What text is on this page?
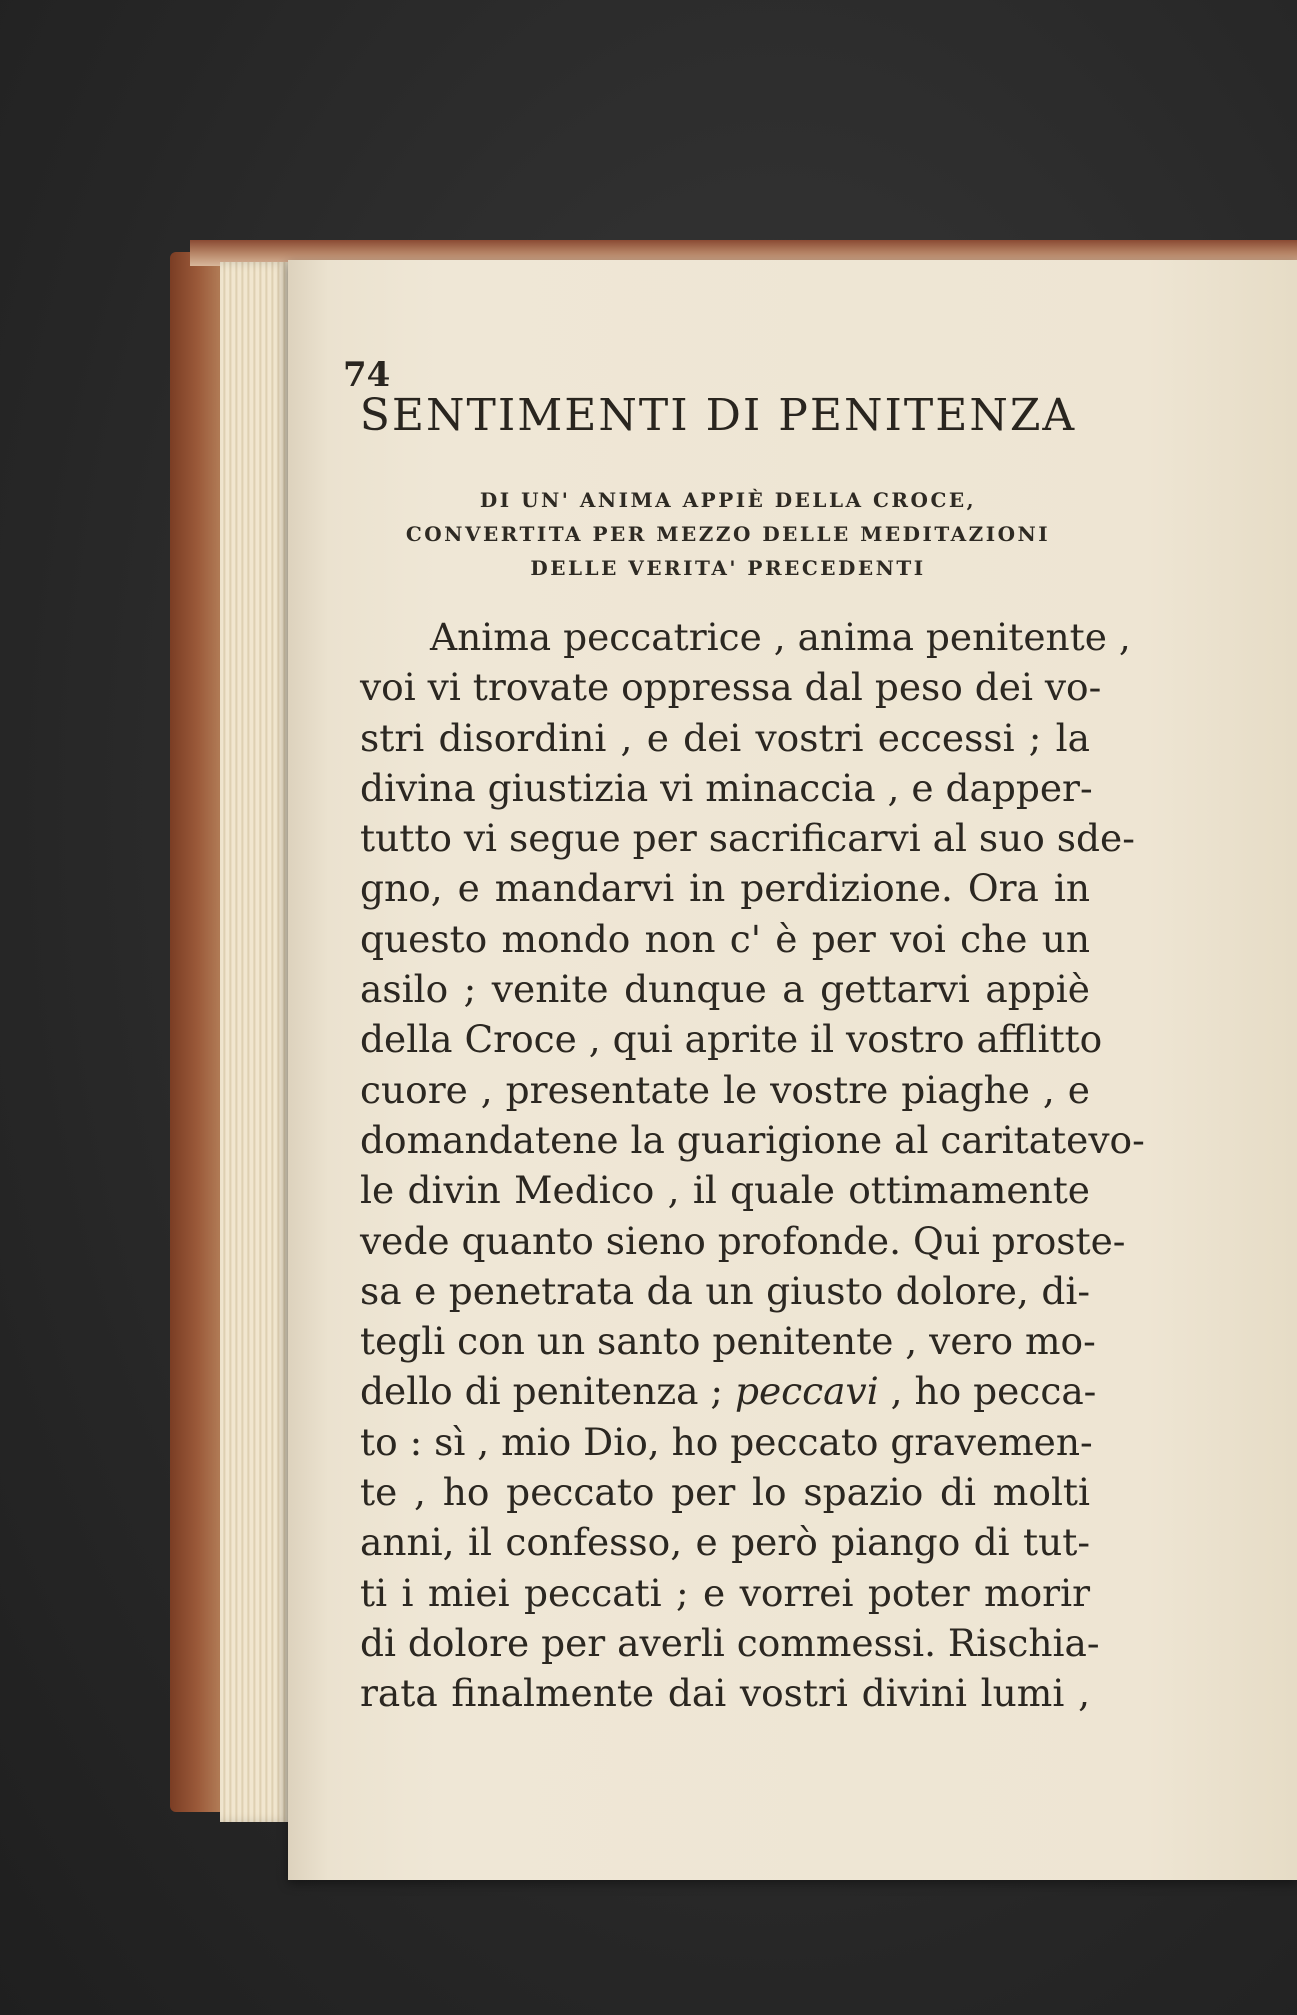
74
SENTIMENTI DI PENITENZA
DI UN' ANIMA APPIÈ DELLA CROCE,
CONVERTITA PER MEZZO DELLE MEDITAZIONI
DELLE VERITA' PRECEDENTI
Anima peccatrice , anima penitente ,
voi vi trovate oppressa dal peso dei vo-
stri disordini , e dei vostri eccessi ; la
divina giustizia vi minaccia , e dapper-
tutto vi segue per sacrificarvi al suo sde-
gno, e mandarvi in perdizione. Ora in
questo mondo non c' è per voi che un
asilo ; venite dunque a gettarvi appiè
della Croce , qui aprite il vostro afflitto
cuore , presentate le vostre piaghe , e
domandatene la guarigione al caritatevo-
le divin Medico , il quale ottimamente
vede quanto sieno profonde. Qui proste-
sa e penetrata da un giusto dolore, di-
tegli con un santo penitente , vero mo-
dello di penitenza ; peccavi , ho pecca-
to : sì , mio Dio, ho peccato gravemen-
te , ho peccato per lo spazio di molti
anni, il confesso, e però piango di tut-
ti i miei peccati ; e vorrei poter morir
di dolore per averli commessi. Rischia-
rata finalmente dai vostri divini lumi ,
